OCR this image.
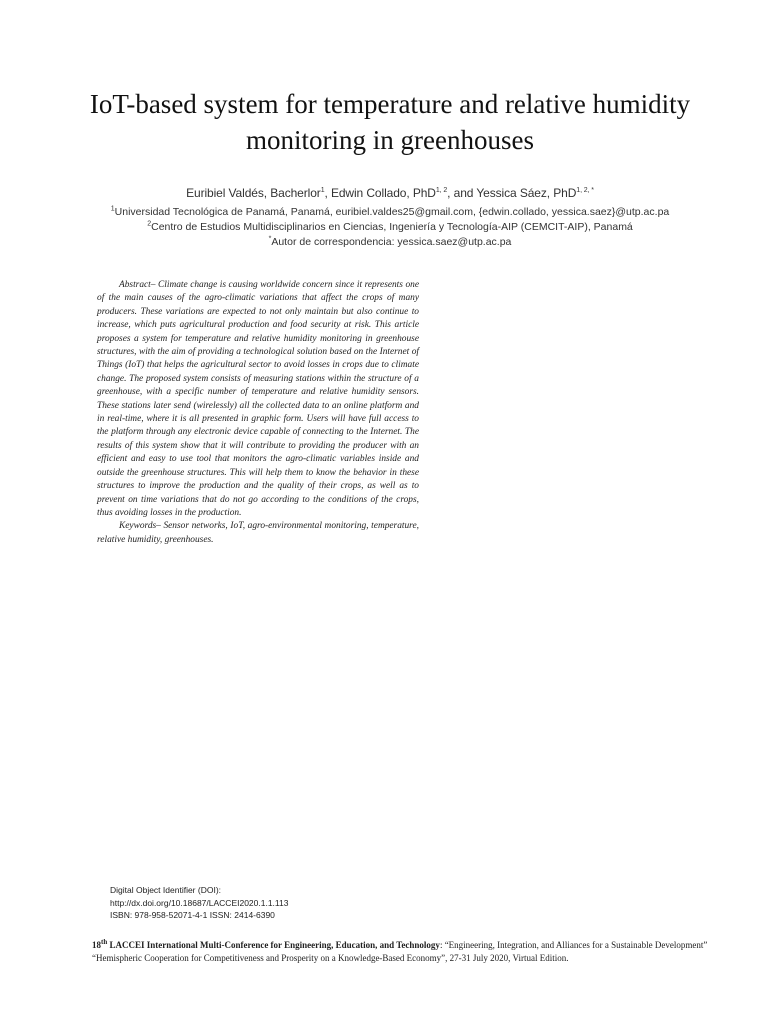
IoT-based system for temperature and relative humidity monitoring in greenhouses
Euribiel Valdés, Bacherlor$^1$, Edwin Collado, PhD$^{1, 2}$, and Yessica Sáez, PhD$^{1, 2, *}$
$^1$Universidad Tecnológica de Panamá, Panamá, euribiel.valdes25@gmail.com, {edwin.collado, yessica.saez}@utp.ac.pa
$^2$Centro de Estudios Multidisciplinarios en Ciencias, Ingeniería y Tecnología-AIP (CEMCIT-AIP), Panamá
*Autor de correspondencia: yessica.saez@utp.ac.pa

Abstract– Climate change is causing worldwide concern since it represents one of the main causes of the agro-climatic variations that affect the crops of many producers. These variations are expected to not only maintain but also continue to increase, which puts agricultural production and food security at risk. This article proposes a system for temperature and relative humidity monitoring in greenhouse structures, with the aim of providing a technological solution based on the Internet of Things (IoT) that helps the agricultural sector to avoid losses in crops due to climate change. The proposed system consists of measuring stations within the structure of a greenhouse, with a specific number of temperature and relative humidity sensors. These stations later send (wirelessly) all the collected data to an online platform and in real-time, where it is all presented in graphic form. Users will have full access to the platform through any electronic device capable of connecting to the Internet. The results of this system show that it will contribute to providing the producer with an efficient and easy to use tool that monitors the agro-climatic variables inside and outside the greenhouse structures. This will help them to know the behavior in these structures to improve the production and the quality of their crops, as well as to prevent on time variations that do not go according to the conditions of the crops, thus avoiding losses in the production.

Keywords– Sensor networks, IoT, agro-environmental monitoring, temperature, relative humidity, greenhouses.

Digital Object Identifier (DOI):
http://dx.doi.org/10.18687/LACCEI2020.1.1.113
ISBN: 978-958-52071-4-1 ISSN: 2414-6390
18th LACCEI International Multi-Conference for Engineering, Education, and Technology: “Engineering, Integration, and Alliances for a Sustainable Development” “Hemispheric Cooperation for Competitiveness and Prosperity on a Knowledge-Based Economy”, 27-31 July 2020, Virtual Edition.
